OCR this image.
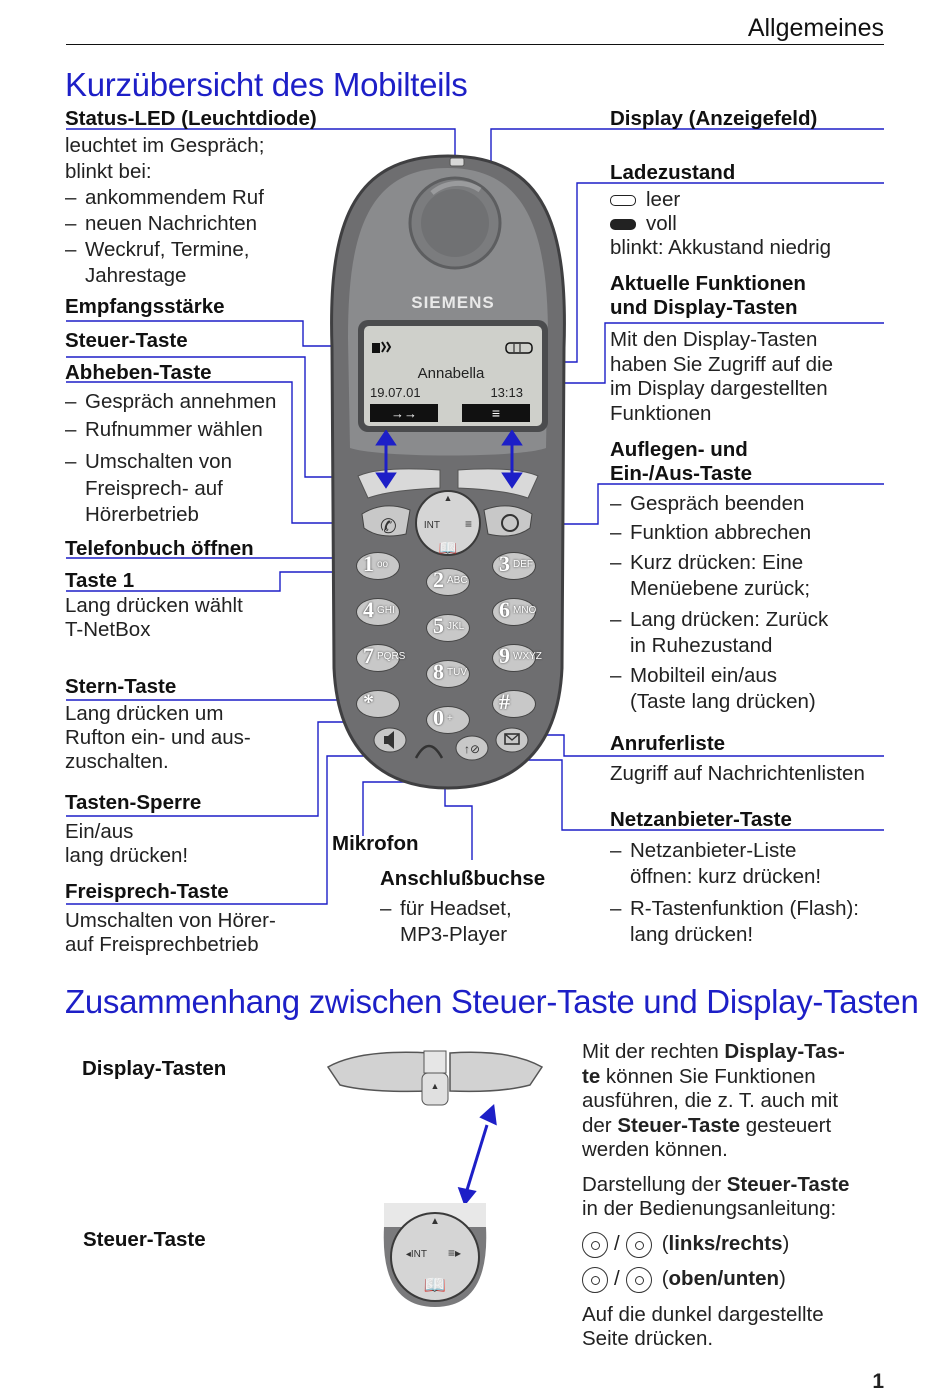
Allgemeines
Kurzübersicht des Mobilteils
SIEMENS
Annabella
19.07.01	13:13
→→	≡
✆	INT ≡
▲
📖
1 oo
2 ABC
3 DEF
4 GHI
5 JKL
6 MNO
7 PQRS
8 TUV
9 WXYZ
*
0 +
#
↑⊘
Status-LED (Leuchtdiode)
leuchtet im Gespräch;
blinkt bei:
– ankommendem Ruf
– neuen Nachrichten
– Weckruf, Termine,
Jahrestage
Empfangsstärke
Steuer-Taste
Abheben-Taste
– Gespräch annehmen
– Rufnummer wählen
– Umschalten von
Freisprech- auf
Hörerbetrieb
Telefonbuch öffnen
Taste 1
Lang drücken wählt
T-NetBox
Stern-Taste
Lang drücken um
Rufton ein- und aus-
zuschalten.
Tasten-Sperre
Ein/aus
lang drücken!
Freisprech-Taste
Umschalten von Hörer-
auf Freisprechbetrieb
Mikrofon
Anschlußbuchse
– für Headset,
MP3-Player
Display (Anzeigefeld)
Ladezustand
leer
voll
blinkt: Akkustand niedrig
Aktuelle Funktionen
und Display-Tasten
Mit den Display-Tasten
haben Sie Zugriff auf die
im Display dargestellten
Funktionen
Auflegen- und
Ein-/Aus-Taste
– Gespräch beenden
– Funktion abbrechen
– Kurz drücken: Eine
Menüebene zurück;
– Lang drücken: Zurück
in Ruhezustand
– Mobilteil ein/aus
(Taste lang drücken)
Anruferliste
Zugriff auf Nachrichtenlisten
Netzanbieter-Taste
– Netzanbieter-Liste
öffnen: kurz drücken!
– R-Tastenfunktion (Flash):
lang drücken!
Zusammenhang zwischen Steuer-Taste und Display-Tasten
Display-Tasten
Steuer-Taste
▲
◂INT ≡▸
▲
📖
Mit der rechten Display-Tas-
te können Sie Funktionen
ausführen, die z. T. auch mit
der Steuer-Taste gesteuert
werden können.
Darstellung der Steuer-Taste
in der Bedienungsanleitung:
/ (links/rechts)
/ (oben/unten)
Auf die dunkel dargestellte
Seite drücken.
1
